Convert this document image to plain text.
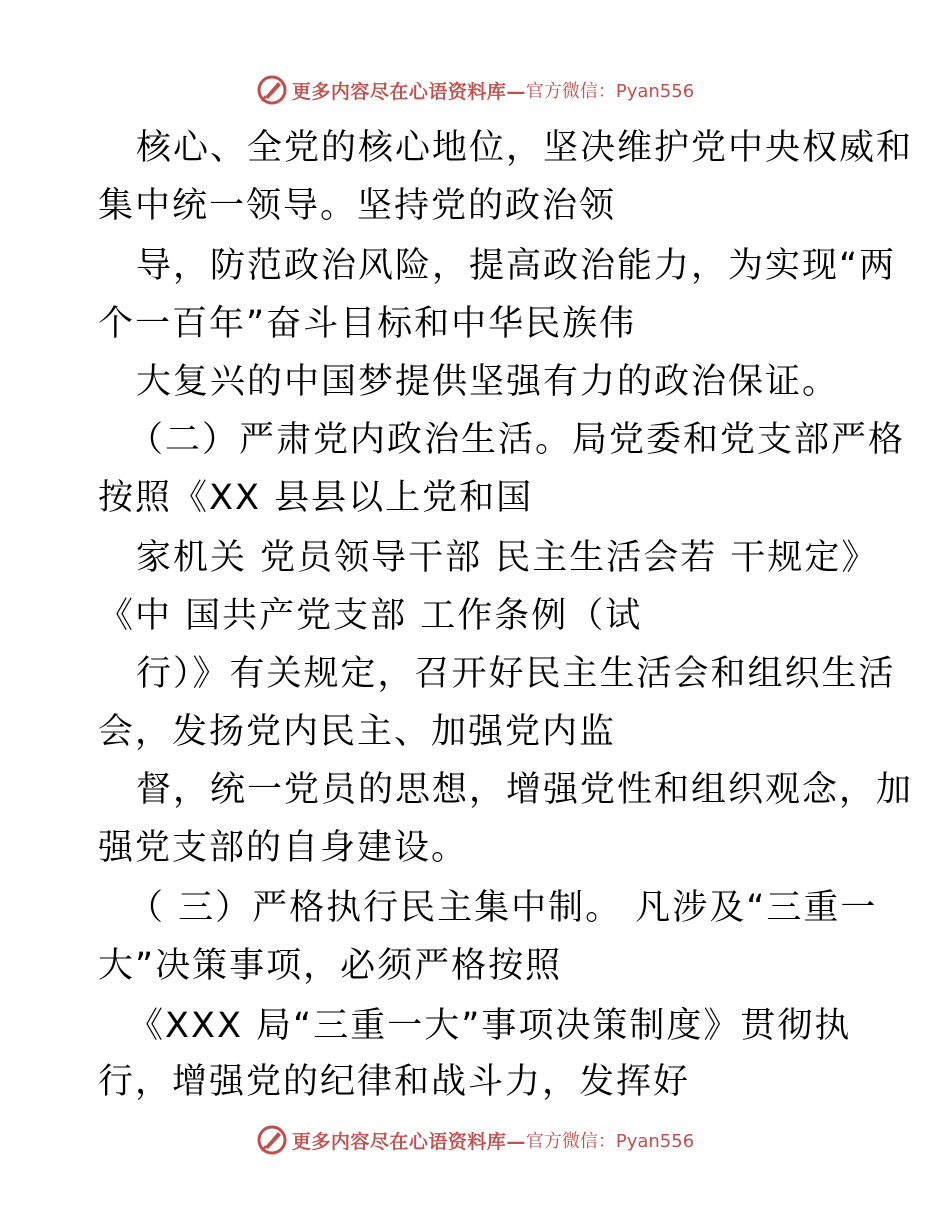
更多内容尽在心语资料库— 官方微信：Pyan556
核心、全党的核心地位，坚决维护党中央权威和
集中统一领导。坚持党的政治领
导，防范政治风险，提高政治能力，为实现“两
个一百年”奋斗目标和中华民族伟
大复兴的中国梦提供坚强有力的政治保证。
（二）严肃党内政治生活。局党委和党支部严格
按照《XX 县县以上党和国
家机关 党员领导干部 民主生活会若 干规定》
《中 国共产党支部 工作条例（试
行）》有关规定，召开好民主生活会和组织生活
会，发扬党内民主、加强党内监
督，统一党员的思想，增强党性和组织观念，加
强党支部的自身建设。
（ 三）严格执行民主集中制。 凡涉及“三重一
大”决策事项，必须严格按照
《XXX 局“三重一大”事项决策制度》贯彻执
行，增强党的纪律和战斗力，发挥好
更多内容尽在心语资料库— 官方微信：Pyan556
